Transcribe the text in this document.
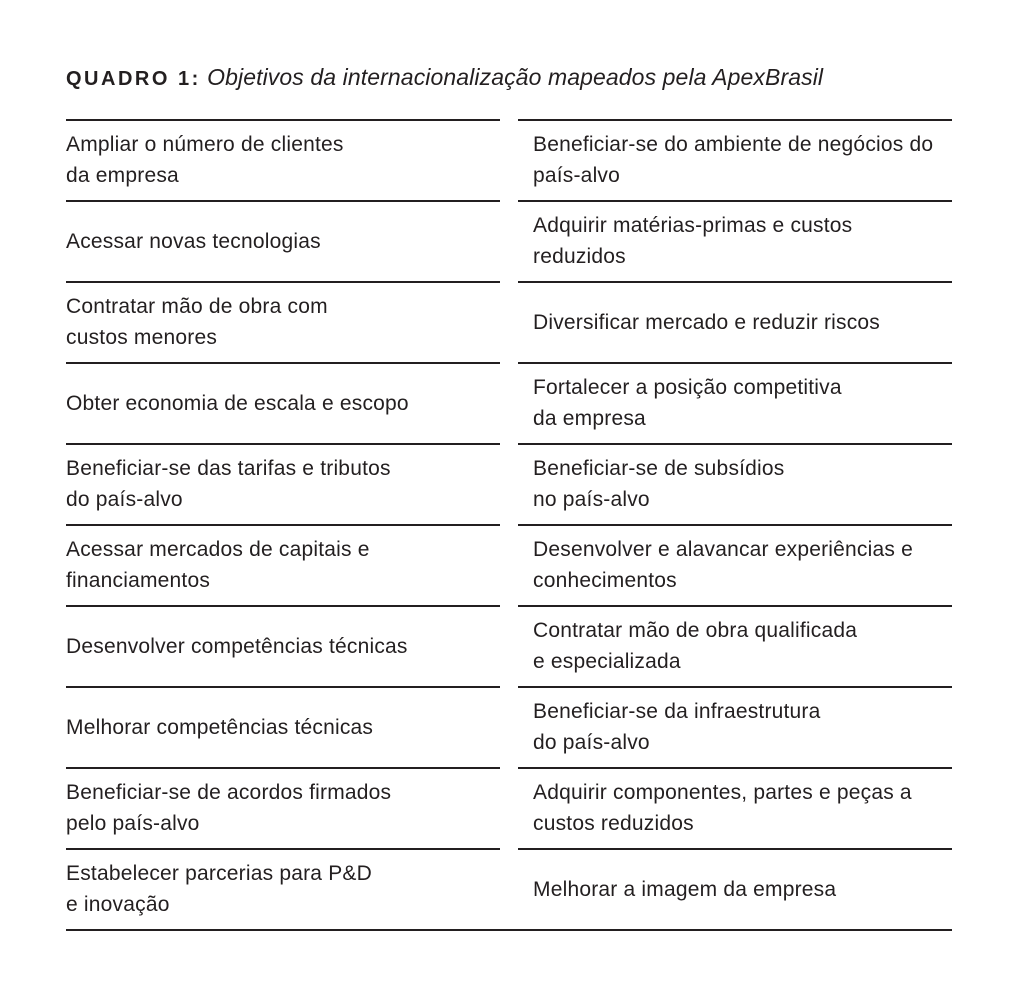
QUADRO 1: Objetivos da internacionalização mapeados pela ApexBrasil
Ampliar o número de clientes
da empresa
Beneficiar-se do ambiente de negócios do
país-alvo
Acessar novas tecnologias
Adquirir matérias-primas e custos
reduzidos
Contratar mão de obra com
custos menores
Diversificar mercado e reduzir riscos
Obter economia de escala e escopo
Fortalecer a posição competitiva
da empresa
Beneficiar-se das tarifas e tributos
do país-alvo
Beneficiar-se de subsídios
no país-alvo
Acessar mercados de capitais e
financiamentos
Desenvolver e alavancar experiências e
conhecimentos
Desenvolver competências técnicas
Contratar mão de obra qualificada
e especializada
Melhorar competências técnicas
Beneficiar-se da infraestrutura
do país-alvo
Beneficiar-se de acordos firmados
pelo país-alvo
Adquirir componentes, partes e peças a
custos reduzidos
Estabelecer parcerias para P&D
e inovação
Melhorar a imagem da empresa
